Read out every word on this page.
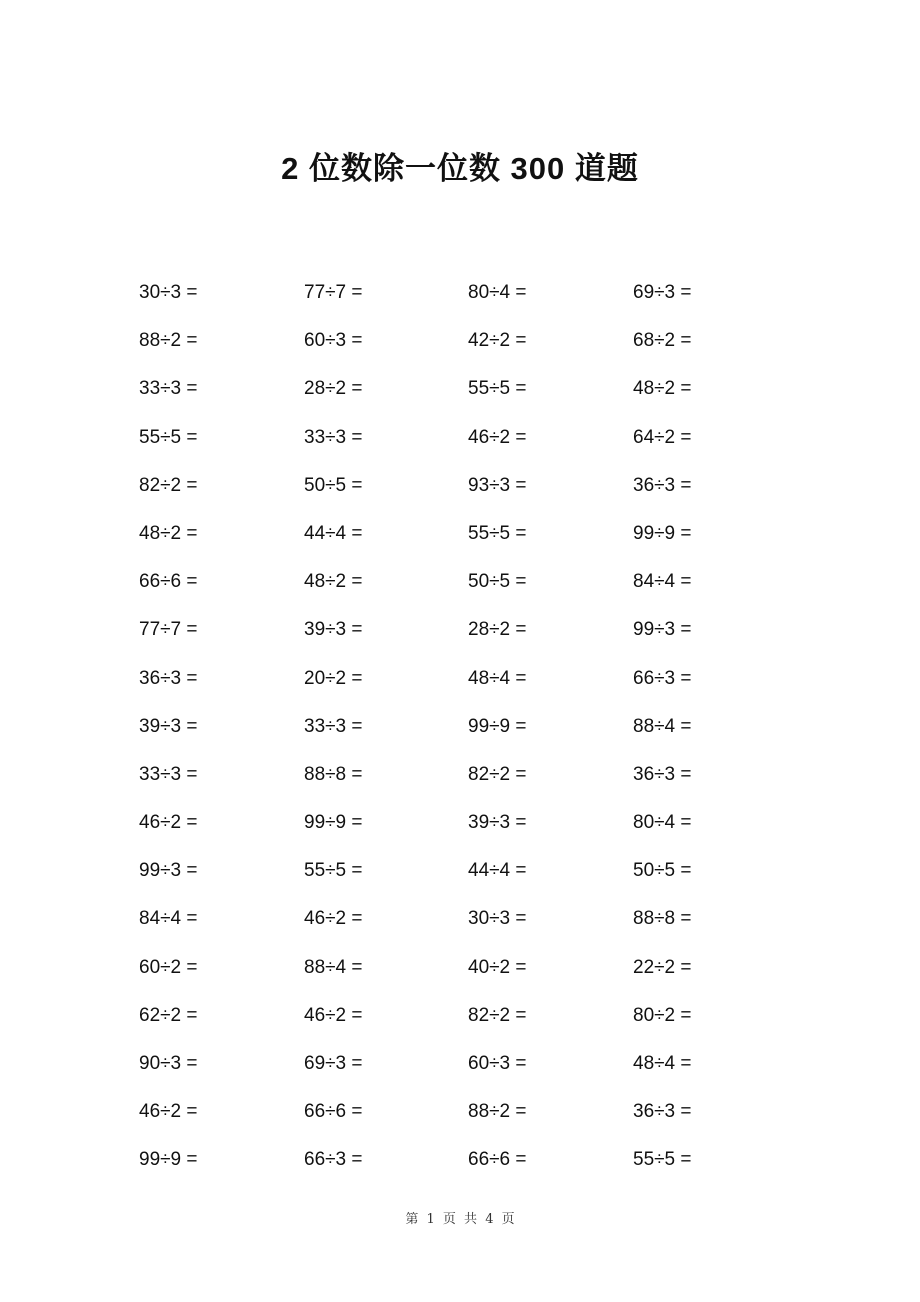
2 位数除一位数 300 道题
30÷3 =	77÷7 =	80÷4 =	69÷3 =
88÷2 =	60÷3 =	42÷2 =	68÷2 =
33÷3 =	28÷2 =	55÷5 =	48÷2 =
55÷5 =	33÷3 =	46÷2 =	64÷2 =
82÷2 =	50÷5 =	93÷3 =	36÷3 =
48÷2 =	44÷4 =	55÷5 =	99÷9 =
66÷6 =	48÷2 =	50÷5 =	84÷4 =
77÷7 =	39÷3 =	28÷2 =	99÷3 =
36÷3 =	20÷2 =	48÷4 =	66÷3 =
39÷3 =	33÷3 =	99÷9 =	88÷4 =
33÷3 =	88÷8 =	82÷2 =	36÷3 =
46÷2 =	99÷9 =	39÷3 =	80÷4 =
99÷3 =	55÷5 =	44÷4 =	50÷5 =
84÷4 =	46÷2 =	30÷3 =	88÷8 =
60÷2 =	88÷4 =	40÷2 =	22÷2 =
62÷2 =	46÷2 =	82÷2 =	80÷2 =
90÷3 =	69÷3 =	60÷3 =	48÷4 =
46÷2 =	66÷6 =	88÷2 =	36÷3 =
99÷9 =	66÷3 =	66÷6 =	55÷5 =
第 1 页 共 4 页
